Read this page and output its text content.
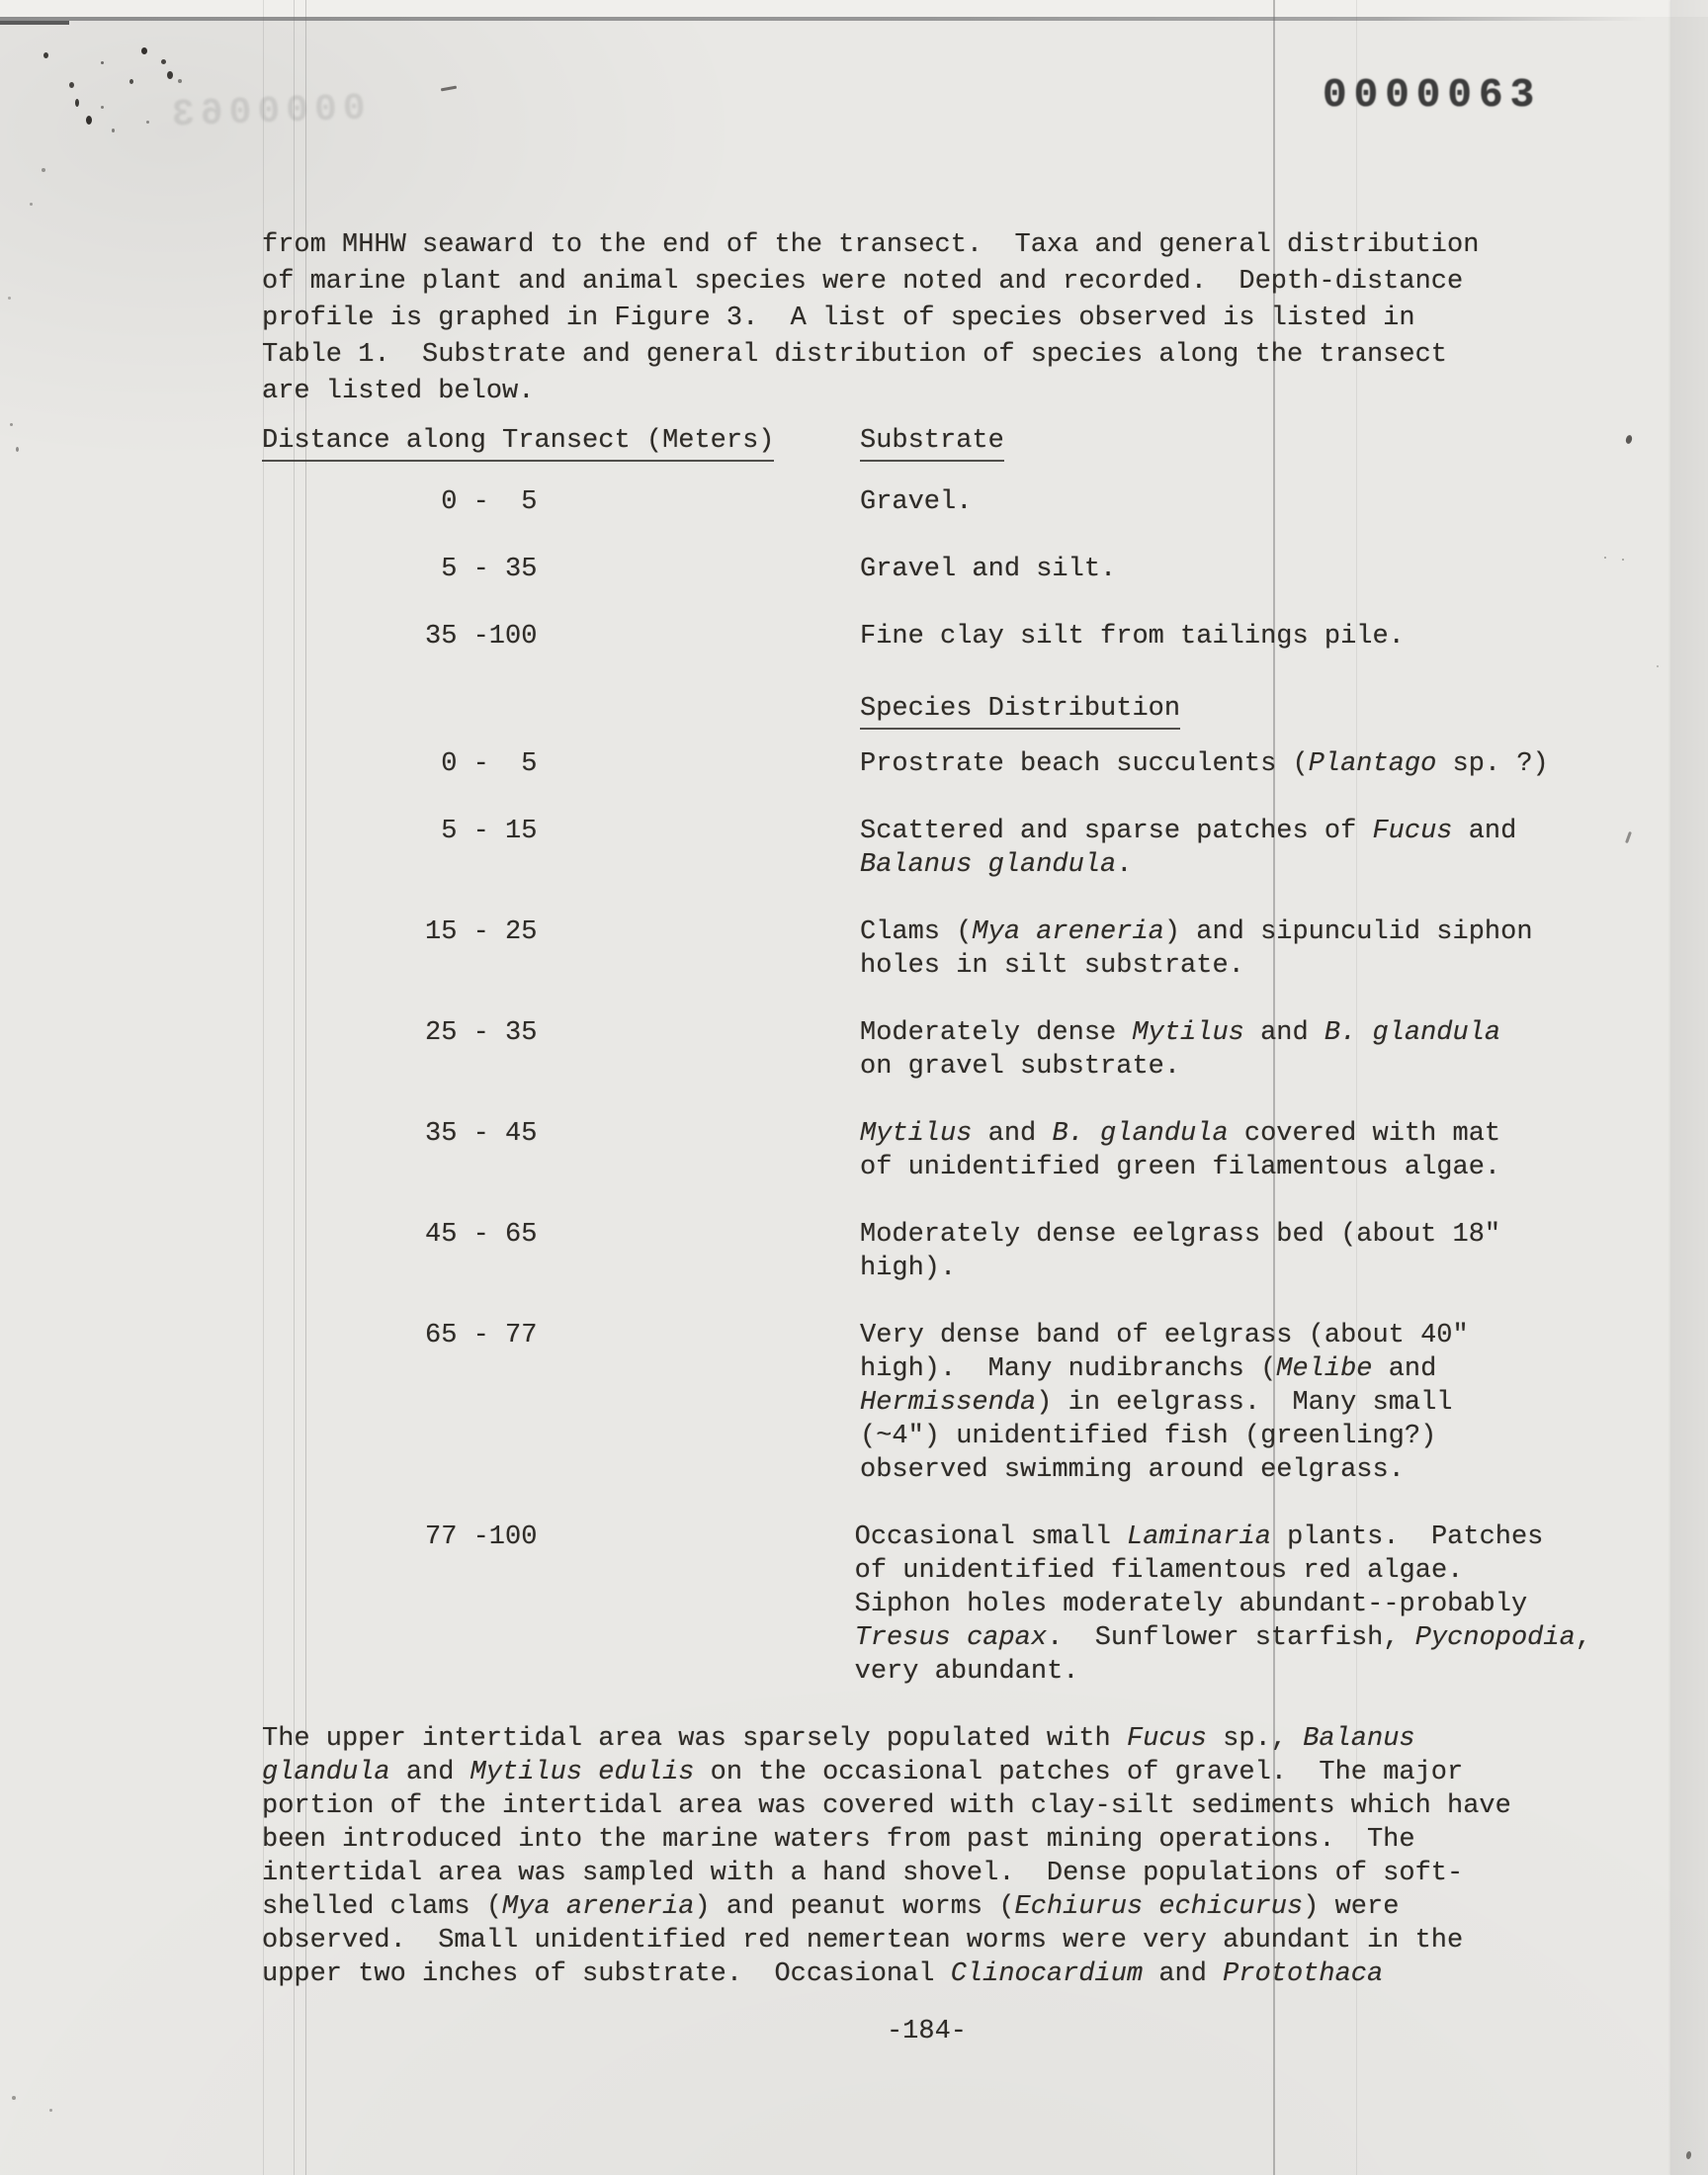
0000063	0000063
from MHHW seaward to the end of the transect.  Taxa and general distribution
of marine plant and animal species were noted and recorded.  Depth-distance
profile is graphed in Figure 3.  A list of species observed is listed in
Table 1.  Substrate and general distribution of species along the transect
are listed below.
Distance along Transect (Meters)	Substrate
0 -  5	Gravel.
5 - 35	Gravel and silt.
35 -100	Fine clay silt from tailings pile.
Species Distribution
0 -  5	Prostrate beach succulents (Plantago sp. ?)
5 - 15	Scattered and sparse patches of Fucus and
Balanus glandula.
15 - 25	Clams (Mya areneria) and sipunculid siphon
holes in silt substrate.
25 - 35	Moderately dense Mytilus and B. glandula
on gravel substrate.
35 - 45	Mytilus and B. glandula covered with mat
of unidentified green filamentous algae.
45 - 65	Moderately dense eelgrass bed (about 18"
high).
65 - 77	Very dense band of eelgrass (about 40"
high).  Many nudibranchs (Melibe and
Hermissenda) in eelgrass.  Many small
(~4") unidentified fish (greenling?)
observed swimming around eelgrass.
77 -100	Occasional small Laminaria plants.  Patches
of unidentified filamentous red algae.
Siphon holes moderately abundant--probably
Tresus capax.  Sunflower starfish, Pycnopodia,
very abundant.
The upper intertidal area was sparsely populated with Fucus sp., Balanus
glandula and Mytilus edulis on the occasional patches of gravel.  The major
portion of the intertidal area was covered with clay-silt sediments which have
been introduced into the marine waters from past mining operations.  The
intertidal area was sampled with a hand shovel.  Dense populations of soft-
shelled clams (Mya areneria) and peanut worms (Echiurus echicurus) were
observed.  Small unidentified red nemertean worms were very abundant in the
upper two inches of substrate.  Occasional Clinocardium and Protothaca
-184-
